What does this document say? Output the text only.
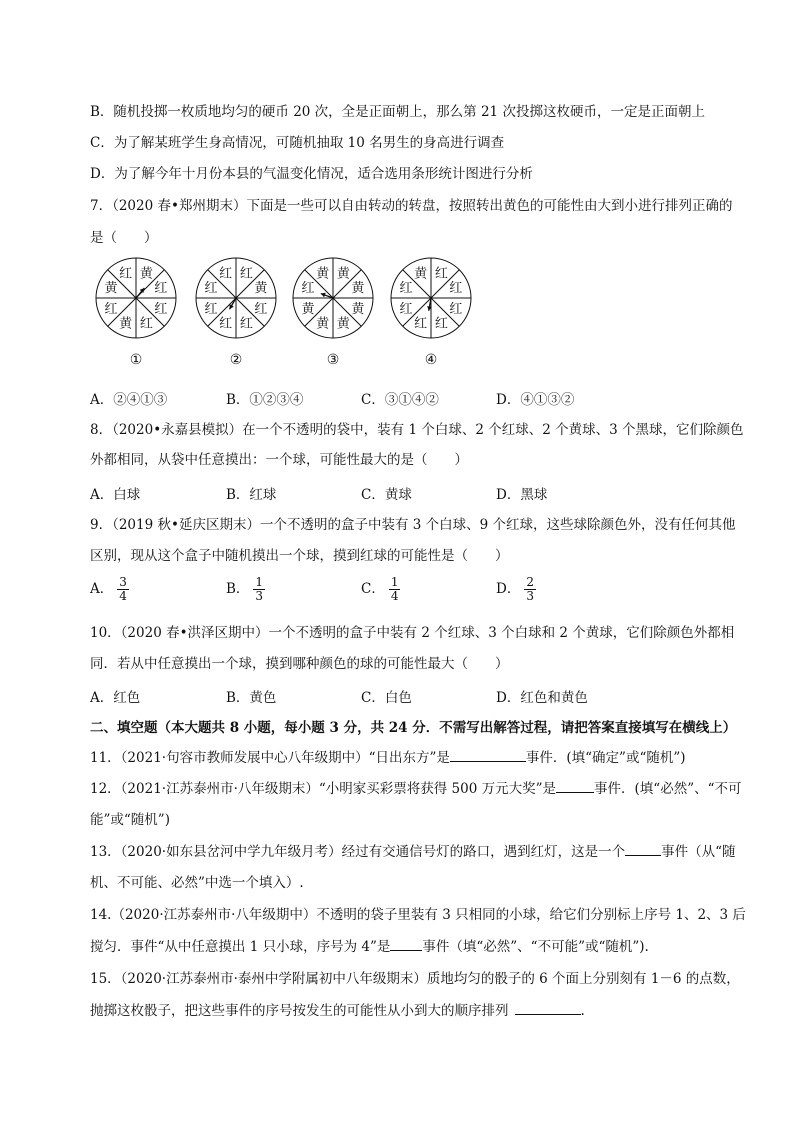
B．随机投掷一枚质地均匀的硬币 20 次，全是正面朝上，那么第 21 次投掷这枚硬币，一定是正面朝上
C．为了解某班学生身高情况，可随机抽取 10 名男生的身高进行调查
D．为了解今年十月份本县的气温变化情况，适合选用条形统计图进行分析
7．（2020 春•郑州期末）下面是一些可以自由转动的转盘，按照转出黄色的可能性由大到小进行排列正确的
是（　　）
黄
红
红
红
黄
红
黄
红	红
黄
红
红
红
红
红
红	黄
黄
黄
黄
黄
黄
红
黄	红
红
红
红
红
红
红
黄
①	②	③	④
A．②④①③	B．①②③④	C．③①④②	D．④①③②
8．（2020•永嘉县模拟）在一个不透明的袋中，装有 1 个白球、2 个红球、2 个黄球、3 个黑球，它们除颜色
外都相同，从袋中任意摸出：一个球，可能性最大的是（　　）
A．白球	B．红球	C．黄球	D．黑球
9．（2019 秋•延庆区期末）一个不透明的盒子中装有 3 个白球、9 个红球，这些球除颜色外，没有任何其他
区别，现从这个盒子中随机摸出一个球，摸到红球的可能性是（　　）
A． $\frac{3}{4}$	B． $\frac{1}{3}$	C． $\frac{1}{4}$	D． $\frac{2}{3}$
10．（2020 春•洪泽区期中）一个不透明的盒子中装有 2 个红球、3 个白球和 2 个黄球，它们除颜色外都相
同．若从中任意摸出一个球，摸到哪种颜色的球的可能性最大（　　）
A．红色	B．黄色	C．白色	D．红色和黄色
二、填空题（本大题共 8 小题，每小题 3 分，共 24 分．不需写出解答过程，请把答案直接填写在横线上）
11．（2021·句容市教师发展中心八年级期中）“日出东方”是	事件．(填“确定”或“随机”)
12．（2021·江苏泰州市·八年级期末）“小明家买彩票将获得 500 万元大奖”是	事件．(填“必然”、“不可
能”或“随机”)
13．（2020·如东县岔河中学九年级月考）经过有交通信号灯的路口，遇到红灯，这是一个	事件（从“随
机、不可能、必然”中选一个填入）.
14.（2020·江苏泰州市·八年级期中）不透明的袋子里装有 3 只相同的小球，给它们分别标上序号 1、2、3 后
搅匀．事件“从中任意摸出 1 只小球，序号为 4”是 事件（填“必然”、“不可能”或“随机”).
15．（2020·江苏泰州市·泰州中学附属初中八年级期末）质地均匀的骰子的 6 个面上分别刻有 1－6 的点数，
抛掷这枚骰子，把这些事件的序号按发生的可能性从小到大的顺序排列	.
